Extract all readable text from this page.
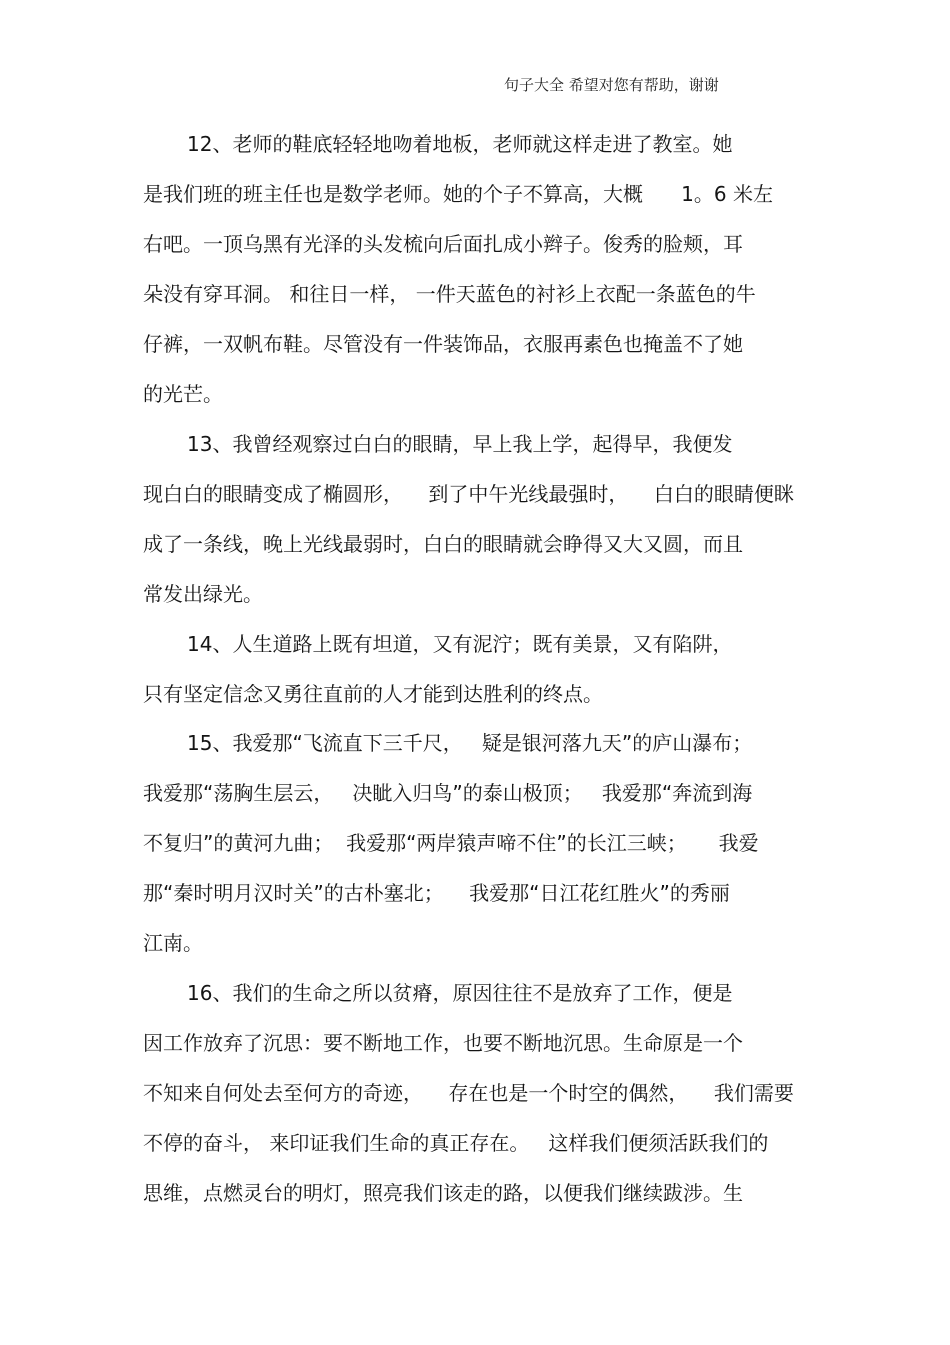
句子大全 希望对您有帮助，谢谢
12、老师的鞋底轻轻地吻着地板，老师就这样走进了教室。她
是我们班的班主任也是数学老师。她的个子不算高，大概      1。6 米左
右吧。一顶乌黑有光泽的头发梳向后面扎成小辫子。俊秀的脸颊，耳
朵没有穿耳洞。 和往日一样， 一件天蓝色的衬衫上衣配一条蓝色的牛
仔裤，一双帆布鞋。尽管没有一件装饰品，衣服再素色也掩盖不了她
的光芒。
13、我曾经观察过白白的眼睛，早上我上学，起得早，我便发
现白白的眼睛变成了椭圆形，    到了中午光线最强时，    白白的眼睛便眯
成了一条线，晚上光线最弱时，白白的眼睛就会睁得又大又圆，而且
常发出绿光。
14、人生道路上既有坦道，又有泥泞；既有美景，又有陷阱，
只有坚定信念又勇往直前的人才能到达胜利的终点。
15、我爱那“飞流直下三千尺，   疑是银河落九天”的庐山瀑布；
我爱那“荡胸生层云，   决眦入归鸟”的泰山极顶；   我爱那“奔流到海
不复归”的黄河九曲；  我爱那“两岸猿声啼不住”的长江三峡；     我爱
那“秦时明月汉时关”的古朴塞北；    我爱那“日江花红胜火”的秀丽
江南。
16、我们的生命之所以贫瘠，原因往往不是放弃了工作，便是
因工作放弃了沉思：要不断地工作，也要不断地沉思。生命原是一个
不知来自何处去至何方的奇迹，    存在也是一个时空的偶然，    我们需要
不停的奋斗， 来印证我们生命的真正存在。   这样我们便须活跃我们的
思维，点燃灵台的明灯，照亮我们该走的路，以便我们继续跋涉。生
